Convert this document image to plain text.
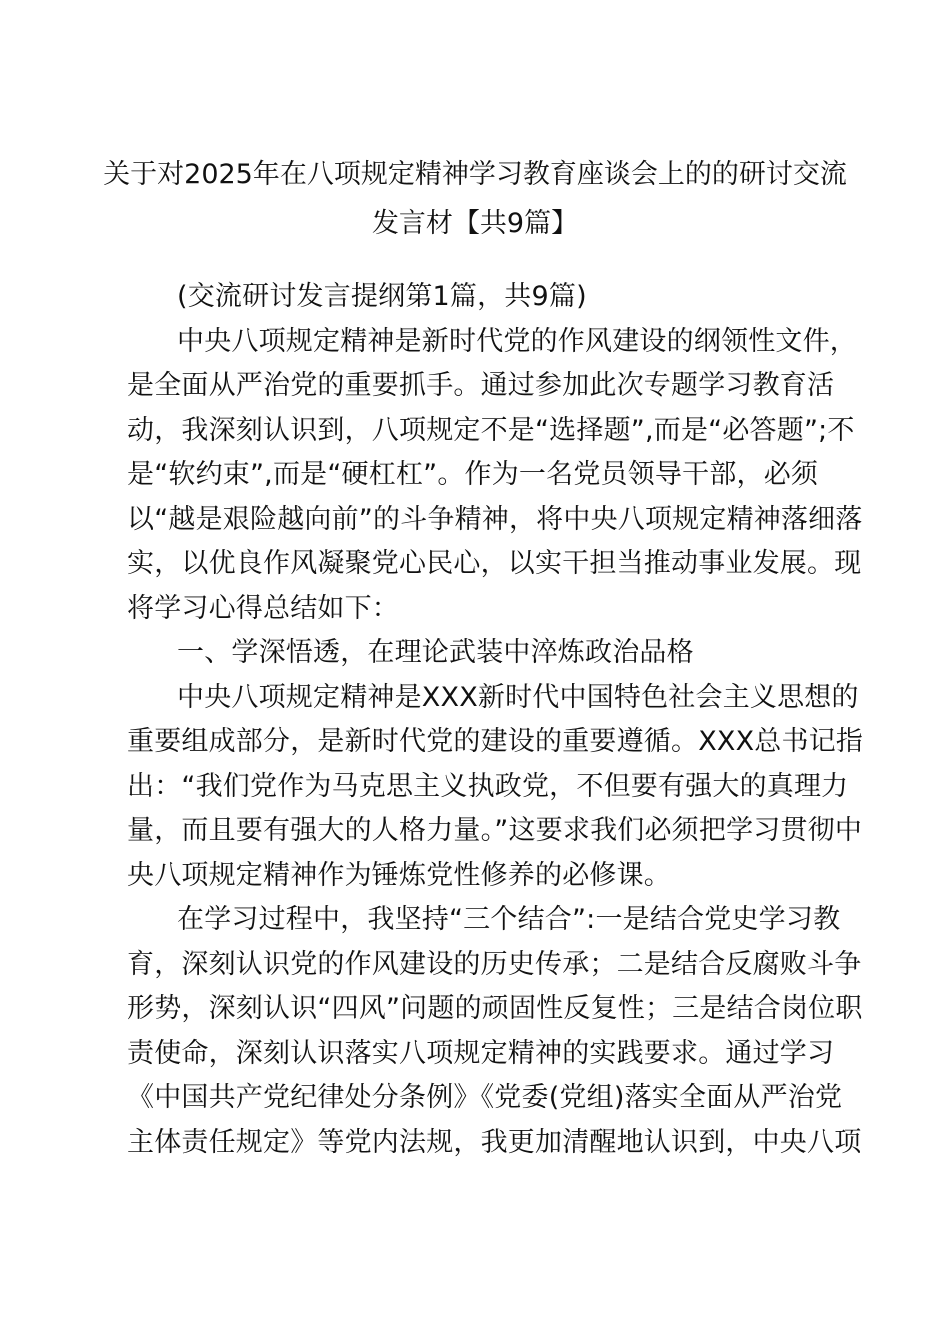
关于对2025年在八项规定精神学习教育座谈会上的的研讨交流
发言材【共9篇】
(交流研讨发言提纲第1篇，共9篇)
中央八项规定精神是新时代党的作风建设的纲领性文件，
是全面从严治党的重要抓手。通过参加此次专题学习教育活
动，我深刻认识到，八项规定不是“选择题”,而是“必答题”;不
是“软约束”,而是“硬杠杠”。作为一名党员领导干部，必须
以“越是艰险越向前”的斗争精神，将中央八项规定精神落细落
实，以优良作风凝聚党心民心，以实干担当推动事业发展。现
将学习心得总结如下：
一、学深悟透，在理论武装中淬炼政治品格
中央八项规定精神是XXX新时代中国特色社会主义思想的
重要组成部分，是新时代党的建设的重要遵循。XXX总书记指
出：“我们党作为马克思主义执政党，不但要有强大的真理力
量，而且要有强大的人格力量。”这要求我们必须把学习贯彻中
央八项规定精神作为锤炼党性修养的必修课。
在学习过程中，我坚持“三个结合”:一是结合党史学习教
育，深刻认识党的作风建设的历史传承；二是结合反腐败斗争
形势，深刻认识“四风”问题的顽固性反复性；三是结合岗位职
责使命，深刻认识落实八项规定精神的实践要求。通过学习
《中国共产党纪律处分条例》《党委(党组)落实全面从严治党
主体责任规定》等党内法规，我更加清醒地认识到，中央八项
